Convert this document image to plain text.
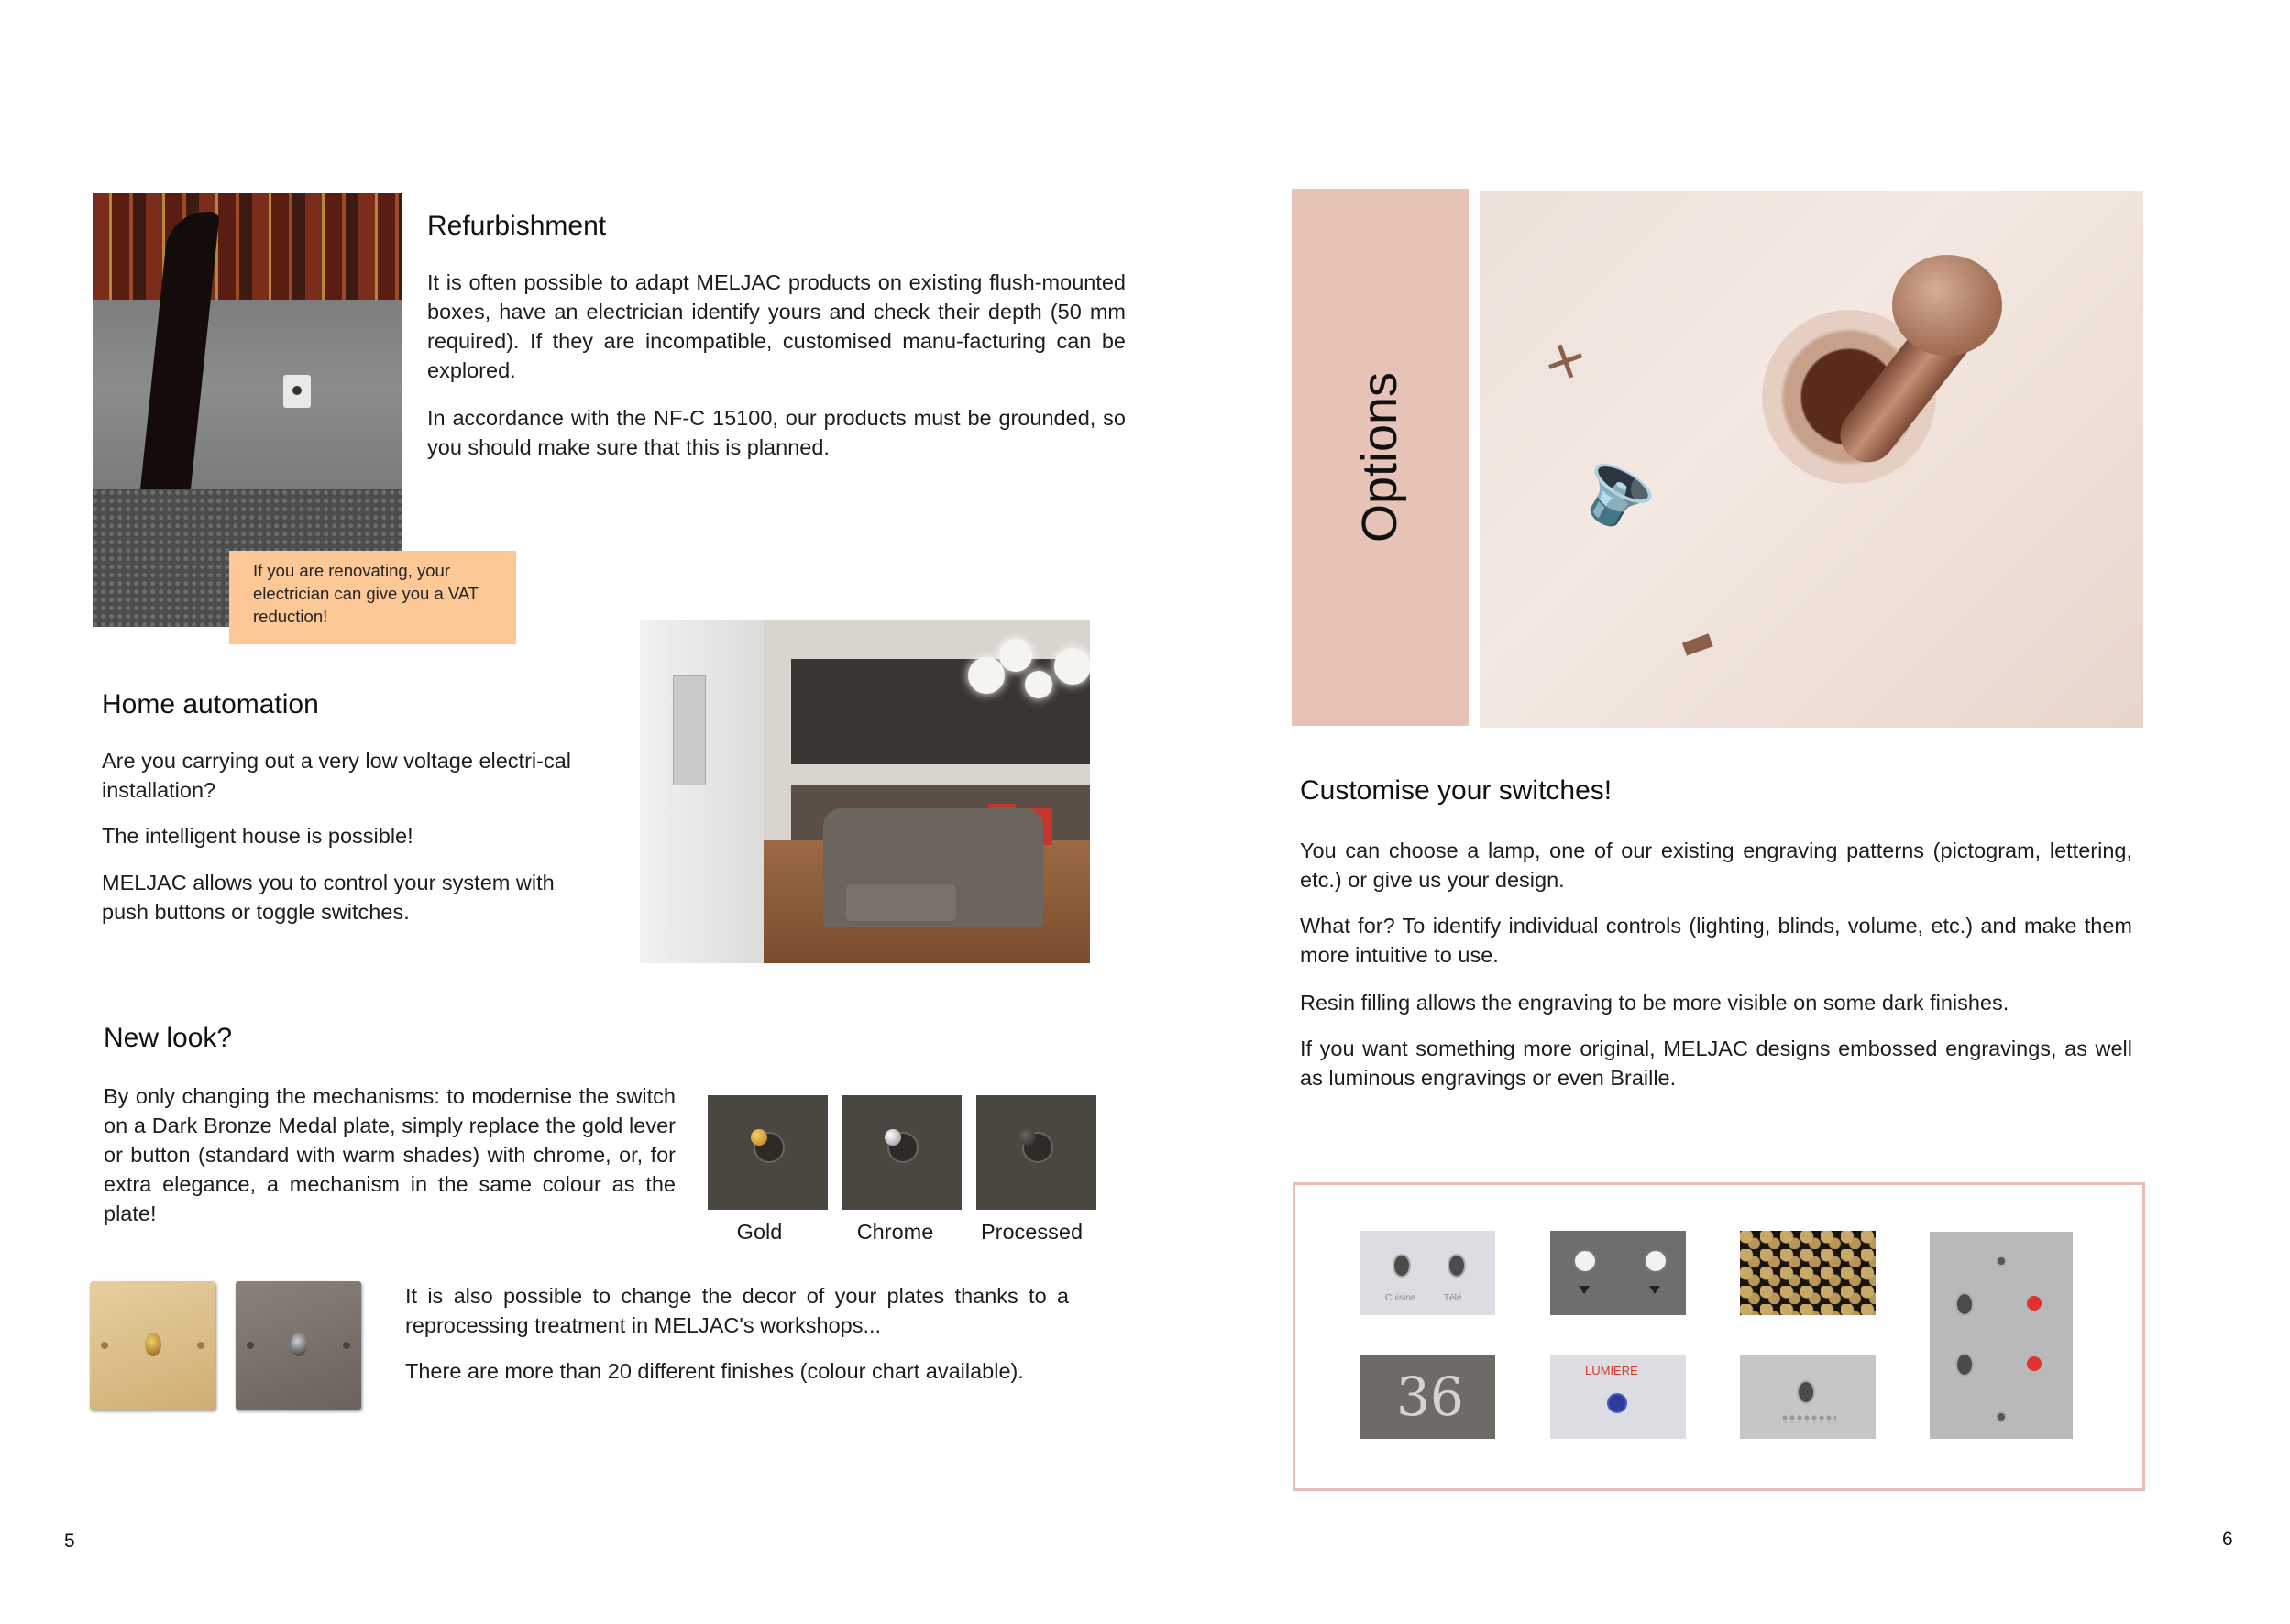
Refurbishment

It is often possible to adapt MELJAC products on existing flush-mounted boxes, have an electrician identify yours and check their depth (50 mm required). If they are incompatible, customised manu-facturing can be explored.

In accordance with the NF-C 15100, our products must be grounded, so you should make sure that this is planned.

If you are renovating, your electrician can give you a VAT reduction!
Home automation

Are you carrying out a very low voltage electri-cal installation?

The intelligent house is possible!

MELJAC allows you to control your system with push buttons or toggle switches.

New look?

By only changing the mechanisms: to modernise the switch on a Dark Bronze Medal plate, simply replace the gold lever or button (standard with warm shades) with chrome, or, for extra elegance, a mechanism in the same colour as the plate!

Gold	Chrome	Processed

It is also possible to change the decor of your plates thanks to a reprocessing treatment in MELJAC's workshops...

There are more than 20 different finishes (colour chart available).

5
Options
+
🔈
▬
Customise your switches!

You can choose a lamp, one of our existing engraving patterns (pictogram, lettering, etc.) or give us your design.

What for? To identify individual controls (lighting, blinds, volume, etc.) and make them more intuitive to use.

Resin filling allows the engraving to be more visible on some dark finishes.

If you want something more original, MELJAC designs embossed engravings, as well as luminous engravings or even Braille.

Cuisine	Télé
36	LUMIERE
6
